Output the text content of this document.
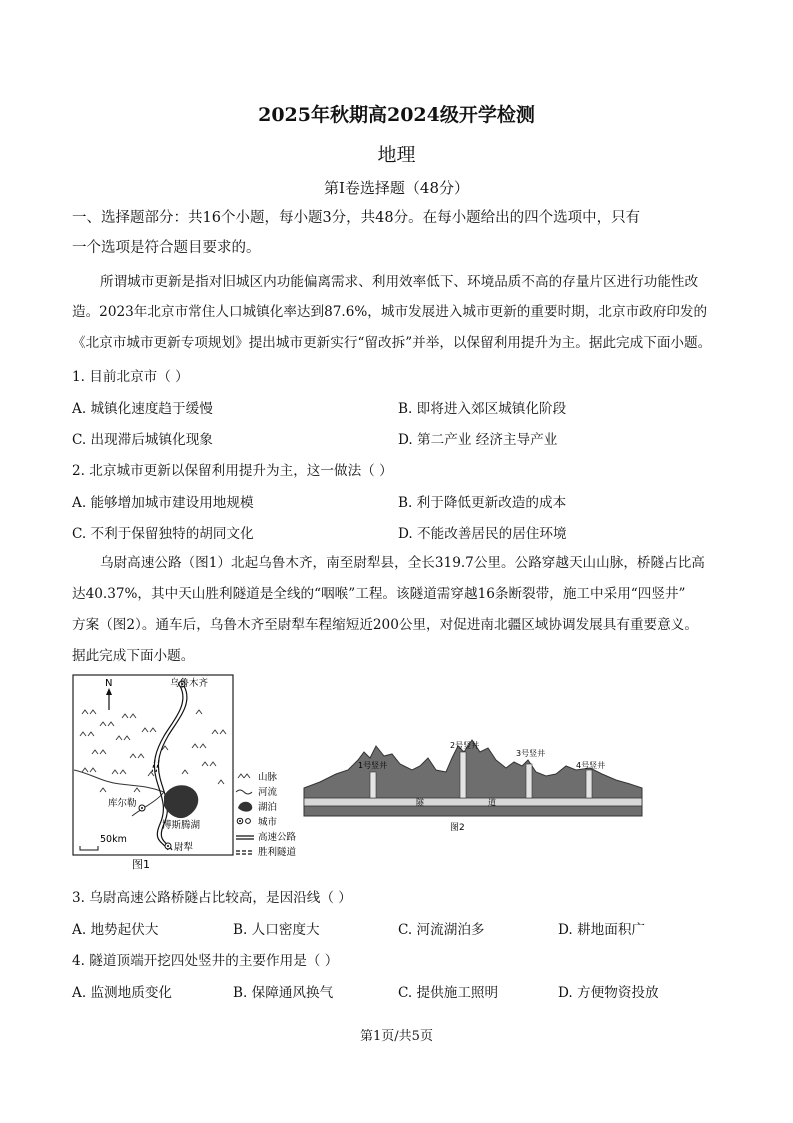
2025年秋期高2024级开学检测
地理
第I卷选择题（48分）
一、选择题部分：共16个小题，每小题3分，共48分。在每小题给出的四个选项中，只有
一个选项是符合题目要求的。
所谓城市更新是指对旧城区内功能偏离需求、利用效率低下、环境品质不高的存量片区进行功能性改
造。2023年北京市常住人口城镇化率达到87.6%，城市发展进入城市更新的重要时期，北京市政府印发的
《北京市城市更新专项规划》提出城市更新实行“留改拆”并举，以保留利用提升为主。据此完成下面小题。
1. 目前北京市（ ）
A. 城镇化速度趋于缓慢	B. 即将进入郊区城镇化阶段
C. 出现滞后城镇化现象	D. 第二产业 经济主导产业
2. 北京城市更新以保留利用提升为主，这一做法（ ）
A. 能够增加城市建设用地规模	B. 利于降低更新改造的成本
C. 不利于保留独特的胡同文化	D. 不能改善居民的居住环境
乌尉高速公路（图1）北起乌鲁木齐，南至尉犁县，全长319.7公里。公路穿越天山山脉，桥隧占比高
达40.37%，其中天山胜利隧道是全线的“咽喉”工程。该隧道需穿越16条断裂带，施工中采用“四竖井”
方案（图2）。通车后，乌鲁木齐至尉犁车程缩短近200公里，对促进南北疆区域协调发展具有重要意义。
据此完成下面小题。
N	乌鲁木齐
库尔勒
博斯腾湖
尉犁
50km
图1
山脉
河流
湖泊
城市
高速公路
胜利隧道
1号竖井
2号竖井
3号竖井
4号竖井
隧	道
图2
3. 乌尉高速公路桥隧占比较高，是因沿线（ ）
A. 地势起伏大	B. 人口密度大	C. 河流湖泊多	D. 耕地面积广
4. 隧道顶端开挖四处竖井的主要作用是（ ）
A. 监测地质变化	B. 保障通风换气	C. 提供施工照明	D. 方便物资投放
第1页/共5页
